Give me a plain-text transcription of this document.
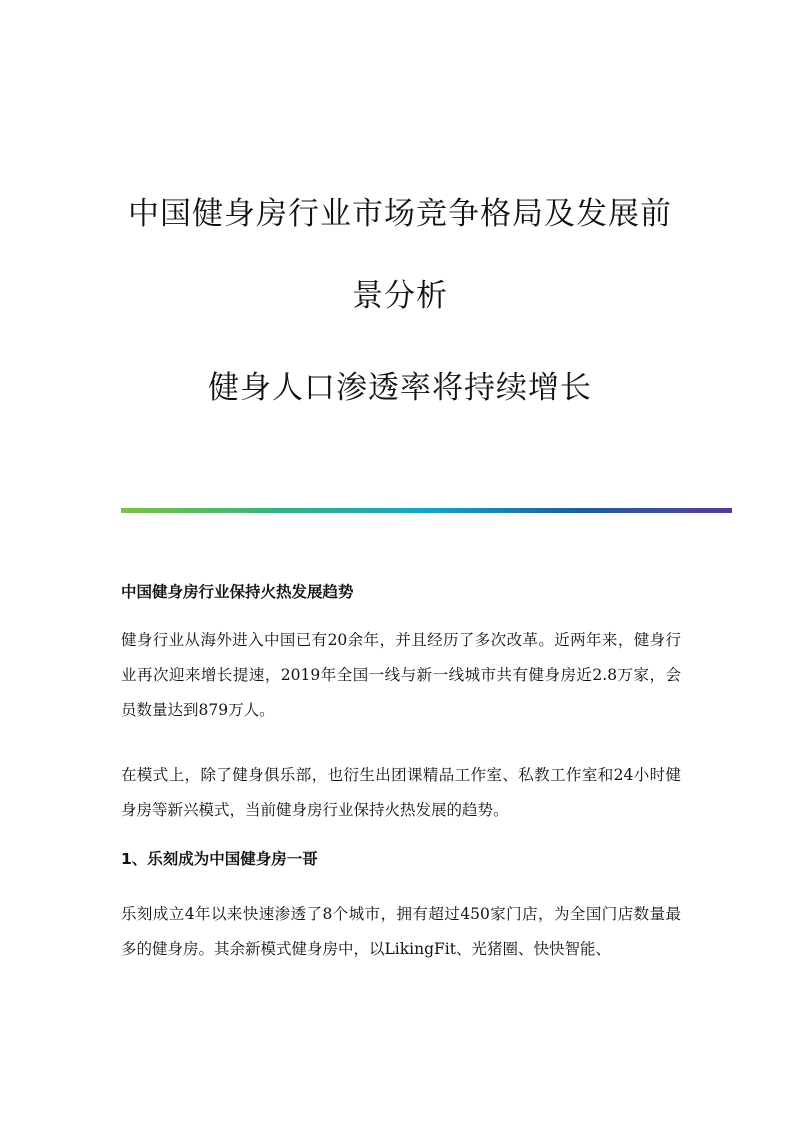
中国健身房行业市场竞争格局及发展前
景分析
健身人口渗透率将持续增长

中国健身房行业保持火热发展趋势

健身行业从海外进入中国已有20余年，并且经历了多次改革。近两年来，健身行业再次迎来增长提速，2019年全国一线与新一线城市共有健身房近2.8万家，会员数量达到879万人。

在模式上，除了健身俱乐部，也衍生出团课精品工作室、私教工作室和24小时健身房等新兴模式，当前健身房行业保持火热发展的趋势。

1、乐刻成为中国健身房一哥

乐刻成立4年以来快速渗透了8个城市，拥有超过450家门店，为全国门店数量最多的健身房。其余新模式健身房中，以LikingFit、光猪圈、快快智能、
